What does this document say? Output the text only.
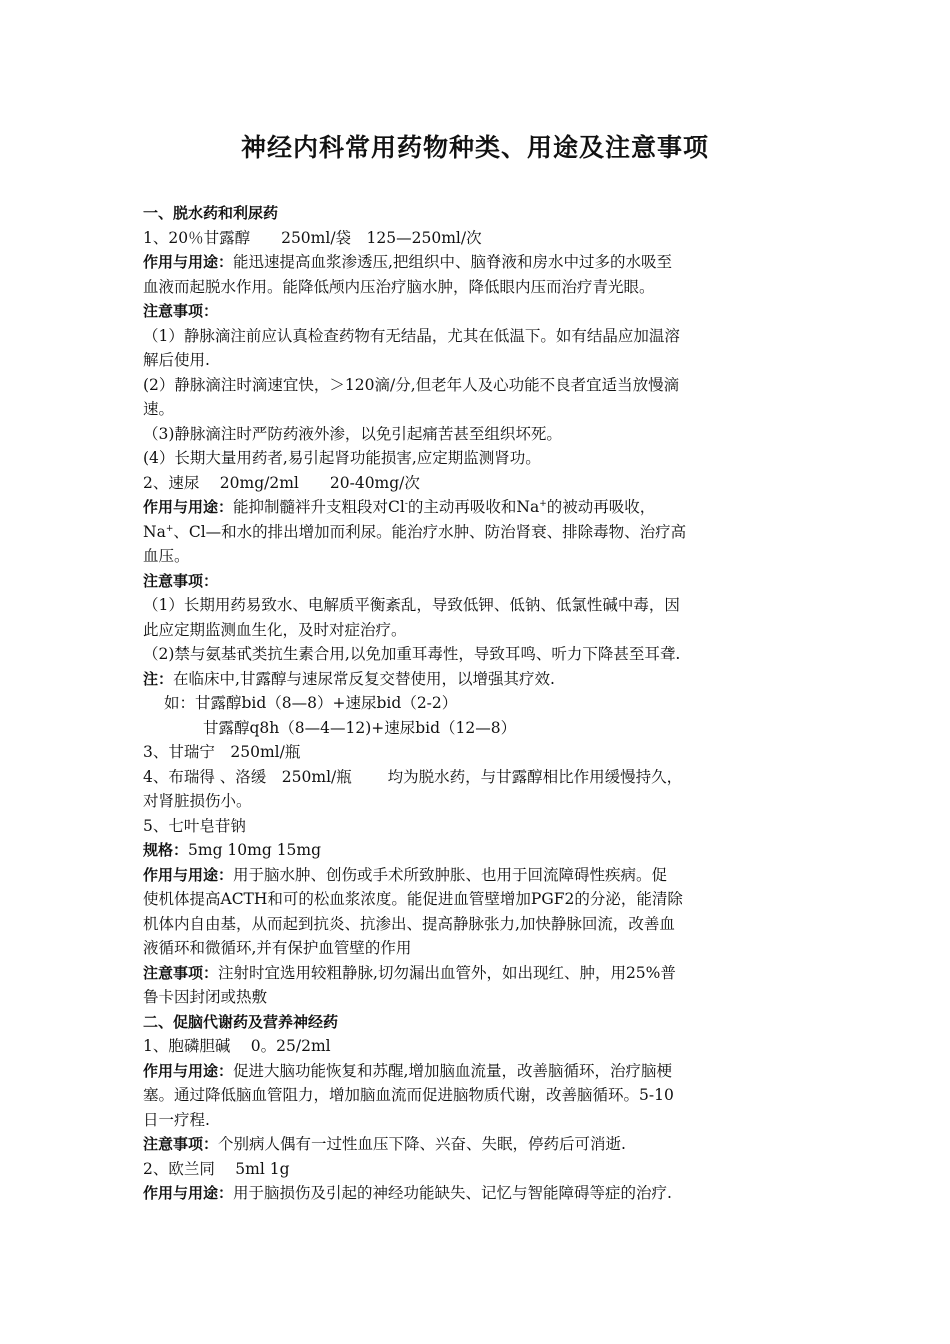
神经内科常用药物种类、用途及注意事项
一、脱水药和利尿药
1、20％甘露醇　　250ml/袋　125—250ml/次
作用与用途：能迅速提高血浆渗透压,把组织中、脑脊液和房水中过多的水吸至
血液而起脱水作用。能降低颅内压治疗脑水肿，降低眼内压而治疗青光眼。
注意事项：
（1）静脉滴注前应认真检查药物有无结晶，尤其在低温下。如有结晶应加温溶
解后使用.
(2）静脉滴注时滴速宜快，＞120滴/分,但老年人及心功能不良者宜适当放慢滴
速。
（3)静脉滴注时严防药液外渗，以免引起痛苦甚至组织坏死。
(4）长期大量用药者,易引起肾功能损害,应定期监测肾功。
2、速尿　 20mg/2ml　　20-40mg/次
作用与用途：能抑制髓袢升支粗段对Cl-的主动再吸收和Na+的被动再吸收，
Na+、Cl—和水的排出增加而利尿。能治疗水肿、防治肾衰、排除毒物、治疗高
血压。
注意事项：
（1）长期用药易致水、电解质平衡紊乱，导致低钾、低钠、低氯性碱中毒，因
此应定期监测血生化，及时对症治疗。
（2)禁与氨基甙类抗生素合用,以免加重耳毒性，导致耳鸣、听力下降甚至耳聋.
注：在临床中,甘露醇与速尿常反复交替使用，以增强其疗效.
如：甘露醇bid（8—8）+速尿bid（2-2）
甘露醇q8h（8—4—12)+速尿bid（12—8）
3、甘瑞宁　250ml/瓶
4、布瑞得 、洛缓　250ml/瓶　　 均为脱水药，与甘露醇相比作用缓慢持久，
对肾脏损伤小。
5、七叶皂苷钠
规格：5mg 10mg 15mg
作用与用途：用于脑水肿、创伤或手术所致肿胀、也用于回流障碍性疾病。促
使机体提高ACTH和可的松血浆浓度。能促进血管壁增加PGF2的分泌，能清除
机体内自由基，从而起到抗炎、抗渗出、提高静脉张力,加快静脉回流，改善血
液循环和微循环,并有保护血管壁的作用
注意事项：注射时宜选用较粗静脉,切勿漏出血管外，如出现红、肿，用25%普
鲁卡因封闭或热敷
二、促脑代谢药及营养神经药
1、胞磷胆碱　 0。25/2ml
作用与用途：促进大脑功能恢复和苏醒,增加脑血流量，改善脑循环，治疗脑梗
塞。通过降低脑血管阻力，增加脑血流而促进脑物质代谢，改善脑循环。5-10
日一疗程.
注意事项：个别病人偶有一过性血压下降、兴奋、失眠，停药后可消逝.
2、欧兰同　 5ml 1g
作用与用途：用于脑损伤及引起的神经功能缺失、记忆与智能障碍等症的治疗.
